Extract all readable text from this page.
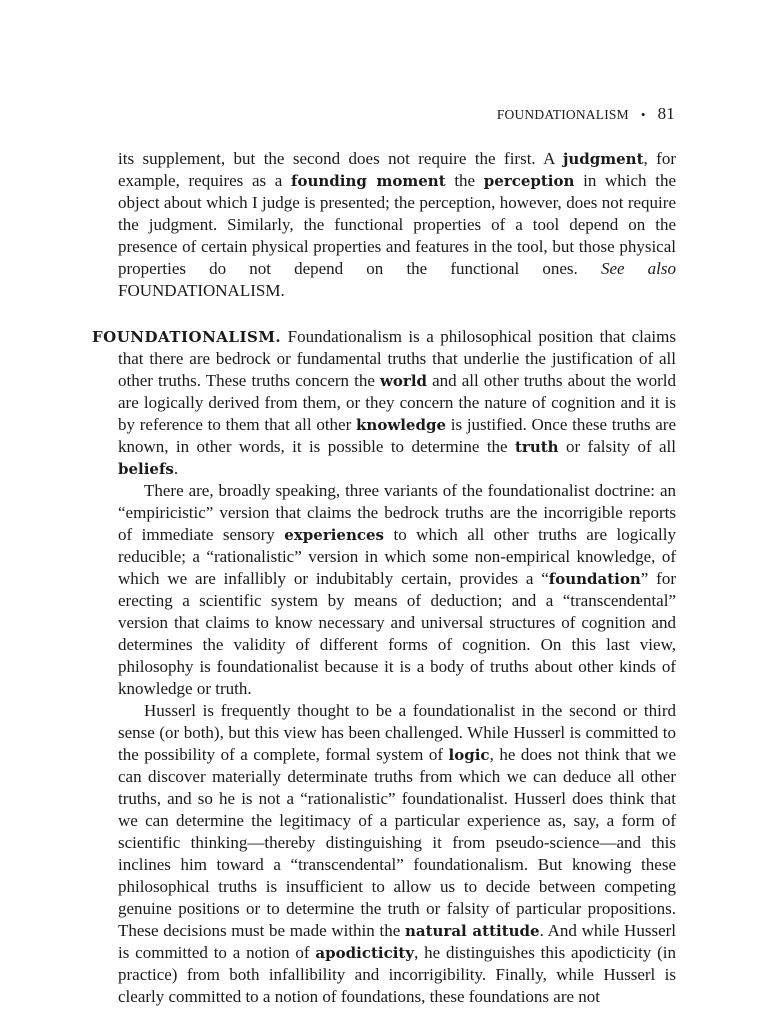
FOUNDATIONALISM • 81
its supplement, but the second does not require the first. A judgment, for example, requires as a founding moment the perception in which the object about which I judge is presented; the perception, however, does not require the judgment. Similarly, the functional properties of a tool depend on the presence of certain physical properties and features in the tool, but those physical properties do not depend on the functional ones. See also FOUNDATIONALISM.

FOUNDATIONALISM. Foundationalism is a philosophical position that claims that there are bedrock or fundamental truths that underlie the justification of all other truths. These truths concern the world and all other truths about the world are logically derived from them, or they concern the nature of cognition and it is by reference to them that all other knowledge is justified. Once these truths are known, in other words, it is possible to determine the truth or falsity of all beliefs.

There are, broadly speaking, three variants of the foundationalist doctrine: an “empiricistic” version that claims the bedrock truths are the incorrigible reports of immediate sensory experiences to which all other truths are logically reducible; a “rationalistic” version in which some non-empirical knowledge, of which we are infallibly or indubitably certain, provides a “foundation” for erecting a scientific system by means of deduction; and a “transcendental” version that claims to know necessary and universal structures of cognition and determines the validity of different forms of cognition. On this last view, philosophy is foundationalist because it is a body of truths about other kinds of knowledge or truth.

Husserl is frequently thought to be a foundationalist in the second or third sense (or both), but this view has been challenged. While Husserl is committed to the possibility of a complete, formal system of logic, he does not think that we can discover materially determinate truths from which we can deduce all other truths, and so he is not a “rationalistic” foundationalist. Husserl does think that we can determine the legitimacy of a particular experience as, say, a form of scientific thinking—thereby distinguishing it from pseudo-science—and this inclines him toward a “transcendental” foundationalism. But knowing these philosophical truths is insufficient to allow us to decide between competing genuine positions or to determine the truth or falsity of particular propositions. These decisions must be made within the natural attitude. And while Husserl is committed to a notion of apodicticity, he distinguishes this apodicticity (in practice) from both infallibility and incorrigibility. Finally, while Husserl is clearly committed to a notion of foundations, these foundations are not
